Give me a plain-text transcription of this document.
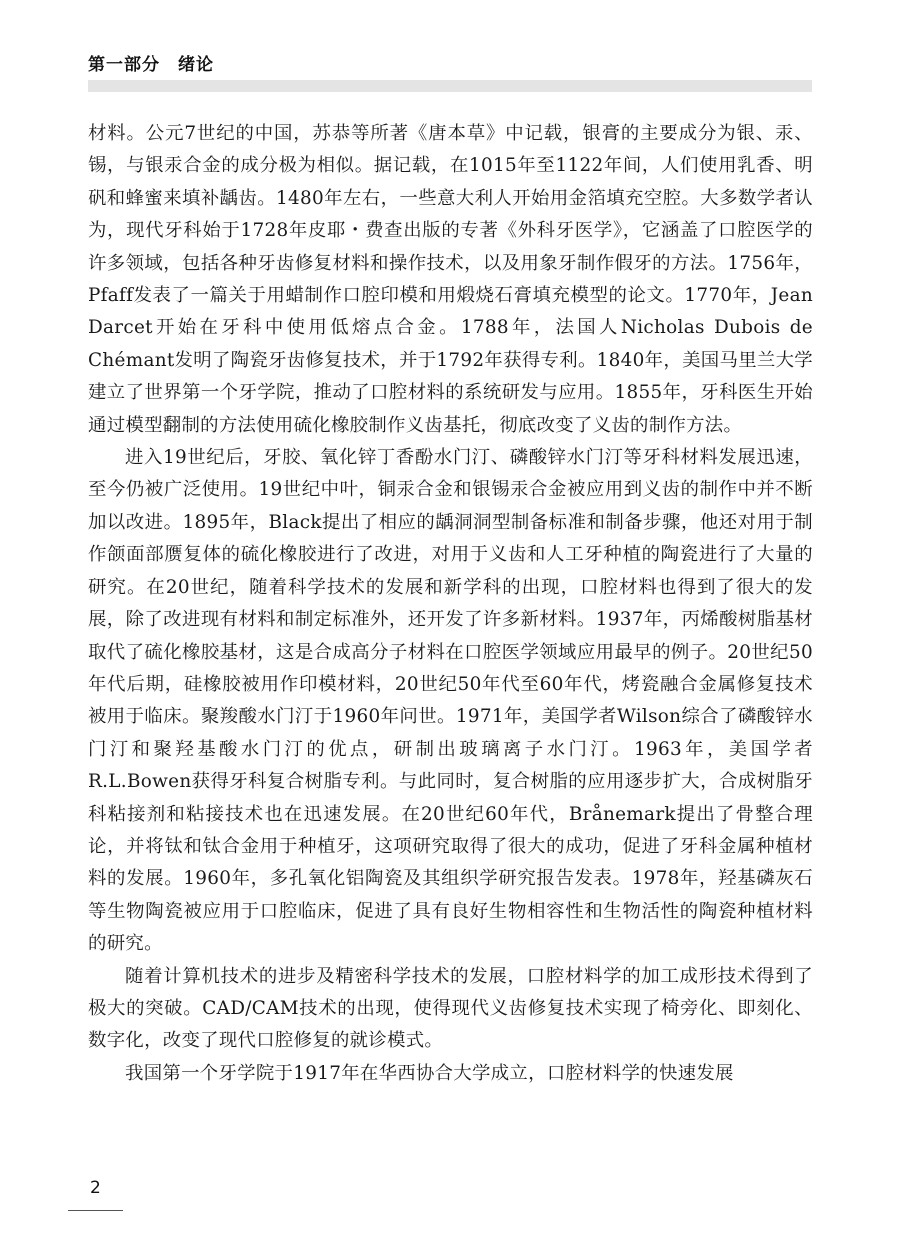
第一部分　绪论

材料。公元7世纪的中国，苏恭等所著《唐本草》中记载，银膏的主要成分为银、汞、锡，与银汞合金的成分极为相似。据记载，在1015年至1122年间，人们使用乳香、明矾和蜂蜜来填补龋齿。1480年左右，一些意大利人开始用金箔填充空腔。大多数学者认为，现代牙科始于1728年皮耶・费查出版的专著《外科牙医学》，它涵盖了口腔医学的许多领域，包括各种牙齿修复材料和操作技术，以及用象牙制作假牙的方法。1756年，Pfaff发表了一篇关于用蜡制作口腔印模和用煅烧石膏填充模型的论文。1770年，Jean Darcet开始在牙科中使用低熔点合金。1788年，法国人Nicholas Dubois de Chémant发明了陶瓷牙齿修复技术，并于1792年获得专利。1840年，美国马里兰大学建立了世界第一个牙学院，推动了口腔材料的系统研发与应用。1855年，牙科医生开始通过模型翻制的方法使用硫化橡胶制作义齿基托，彻底改变了义齿的制作方法。

进入19世纪后，牙胶、氧化锌丁香酚水门汀、磷酸锌水门汀等牙科材料发展迅速，至今仍被广泛使用。19世纪中叶，铜汞合金和银锡汞合金被应用到义齿的制作中并不断加以改进。1895年，Black提出了相应的龋洞洞型制备标准和制备步骤，他还对用于制作颌面部赝复体的硫化橡胶进行了改进，对用于义齿和人工牙种植的陶瓷进行了大量的研究。在20世纪，随着科学技术的发展和新学科的出现，口腔材料也得到了很大的发展，除了改进现有材料和制定标准外，还开发了许多新材料。1937年，丙烯酸树脂基材取代了硫化橡胶基材，这是合成高分子材料在口腔医学领域应用最早的例子。20世纪50年代后期，硅橡胶被用作印模材料，20世纪50年代至60年代，烤瓷融合金属修复技术被用于临床。聚羧酸水门汀于1960年问世。1971年，美国学者Wilson综合了磷酸锌水门汀和聚羟基酸水门汀的优点，研制出玻璃离子水门汀。1963年，美国学者R.L.Bowen获得牙科复合树脂专利。与此同时，复合树脂的应用逐步扩大，合成树脂牙科粘接剂和粘接技术也在迅速发展。在20世纪60年代，Brånemark提出了骨整合理论，并将钛和钛合金用于种植牙，这项研究取得了很大的成功，促进了牙科金属种植材料的发展。1960年，多孔氧化铝陶瓷及其组织学研究报告发表。1978年，羟基磷灰石等生物陶瓷被应用于口腔临床，促进了具有良好生物相容性和生物活性的陶瓷种植材料的研究。

随着计算机技术的进步及精密科学技术的发展，口腔材料学的加工成形技术得到了极大的突破。CAD/CAM技术的出现，使得现代义齿修复技术实现了椅旁化、即刻化、数字化，改变了现代口腔修复的就诊模式。

我国第一个牙学院于1917年在华西协合大学成立，口腔材料学的快速发展

2
